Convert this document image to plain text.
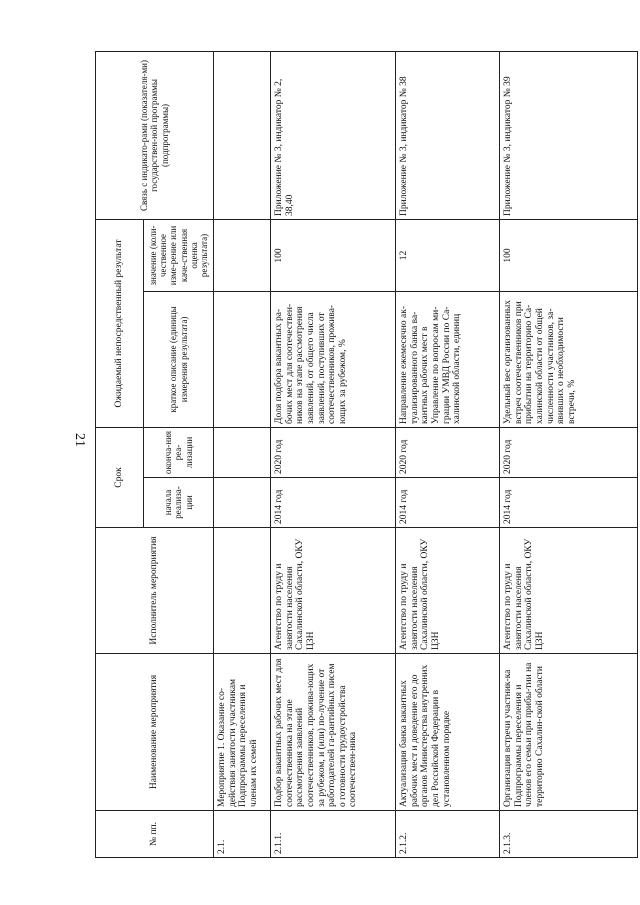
21
№ пп.	Наименование мероприятия	Исполнитель мероприятия	Срок		Ожидаемый непосредственный результат		Связь с индикато-рами (показателя-ми) государствен-ной программы (подпрограммы)
			начала реализа-ции	оконча-ния реа-лизации	краткое описание (единицы измерения результата)	значение (коли-чественное изме-рение или каче-ственная оценка результата)	
2.1.	Мероприятие 1. Оказание со-действия занятости участникам Подпрограммы переселения и членам их семей						
2.1.1.	Подбор вакантных рабочих мест для соотечественника на этапе рассмотрения заявлений соотечественников, прожива-ющих за рубежом, и (или) по-лучение от работодателей га-рантийных писем о готовности трудоустройства соотечествен-ника	Агентство по труду и занятости населения Сахалинской области, ОКУ ЦЗН	2014 год	2020 год	Доля подбора вакантных ра-бочих мест для соотечествен-ников на этапе рассмотрения заявлений, от общего числа заявлений, поступивших от соотечественников, прожива-ющих за рубежом, %	100	Приложение № 3, индикатор № 2, 38,40
2.1.2.	Актуализация банка вакантных рабочих мест и доведение его до органов Министерства внутренних дел Российской Федерации в установленном порядке	Агентство по труду и занятости населения Сахалинской области, ОКУ ЦЗН	2014 год	2020 год	Направление ежемесячно ак-туализированного банка ва-кантных рабочих мест в Управление по вопросам ми-грации УМВД России по Са-халинской области, единиц	12	Приложение № 3, индикатор № 38
2.1.3.	Организация встречи участник-ка Подпрограммы переселения и членов его семьи при прибы-тии на территорию Сахалин-ской области	Агентство по труду и занятости населения Сахалинской области, ОКУ ЦЗН	2014 год	2020 год	Удельный вес организованных встреч соотечественников при прибытии на территорию Са-халинской области от общей численности участников, за-явивших о необходимости встречи, %	100	Приложение № 3, индикатор № 39
